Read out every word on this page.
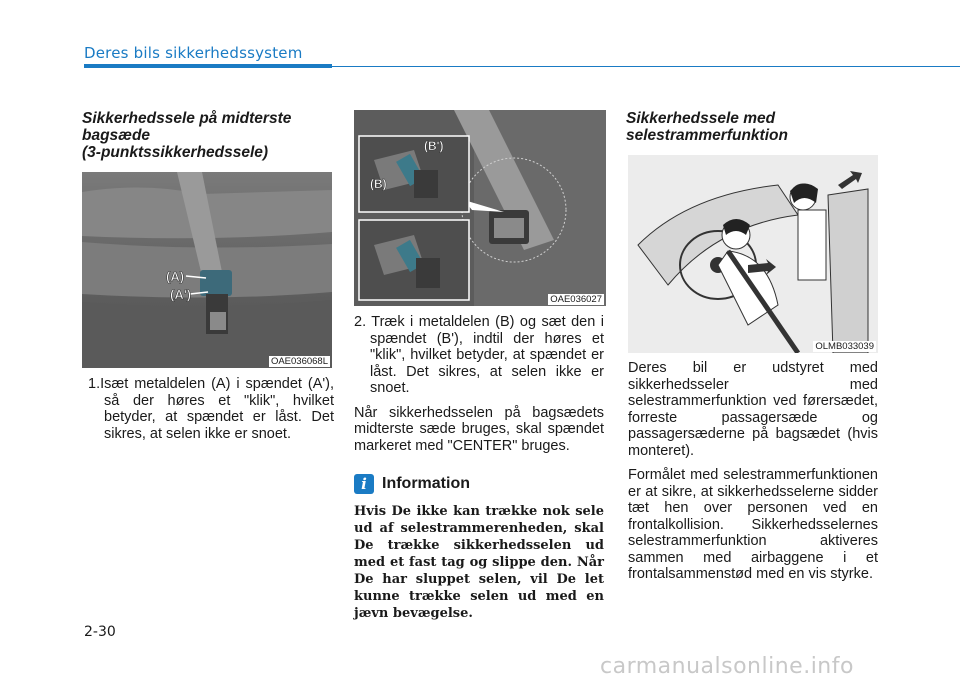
Deres bils sikkerhedssystem

Sikkerhedssele på midterste

bagsæde

(3-punktssikkerhedssele)

(A)
(A')
OAE036068L

1.Isæt metaldelen (A) i spændet (A'), så der høres et "klik", hvilket betyder, at spændet er låst. Det sikres, at selen ikke er snoet.

(B')
(B)
OAE036027

2. Træk i metaldelen (B) og sæt den i spændet (B'), indtil der høres et "klik", hvilket betyder, at spændet er låst. Det sikres, at selen ikke er snoet.

Når sikkerhedsselen på bagsædets midterste sæde bruges, skal spændet markeret med "CENTER" bruges.

i Information

Hvis De ikke kan trække nok sele ud af selestrammerenheden, skal De trække sikkerhedsselen ud med et fast tag og slippe den. Når De har sluppet selen, vil De let kunne trække selen ud med en jævn bevægelse.

Sikkerhedssele med

selestrammerfunktion

OLMB033039

Deres bil er udstyret med sikkerhedsseler med selestrammerfunktion ved førersædet, forreste passagersæde og passagersæderne på bagsædet (hvis monteret).

Formålet med selestrammerfunktionen er at sikre, at sikkerhedsselerne sidder tæt hen over personen ved en frontalkollision. Sikkerhedsselernes selestrammerfunktion aktiveres sammen med airbaggene i et frontalsammenstød med en vis styrke.

2-30
carmanualsonline.info
